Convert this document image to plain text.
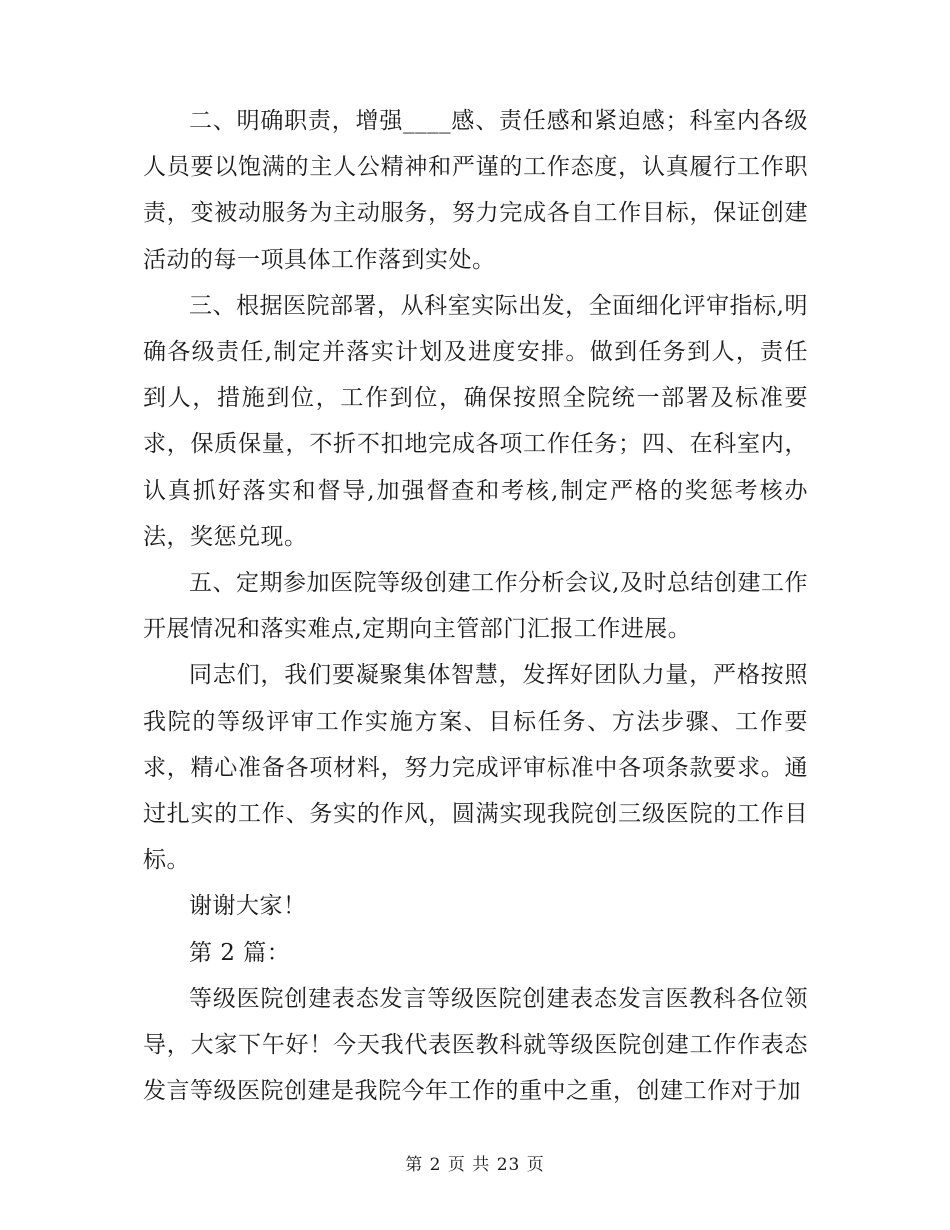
二、明确职责，增强____感、责任感和紧迫感；科室内各级人员要以饱满的主人公精神和严谨的工作态度，认真履行工作职责，变被动服务为主动服务，努力完成各自工作目标，保证创建活动的每一项具体工作落到实处。

三、根据医院部署，从科室实际出发，全面细化评审指标,明确各级责任,制定并落实计划及进度安排。做到任务到人，责任到人，措施到位，工作到位，确保按照全院统一部署及标准要求，保质保量，不折不扣地完成各项工作任务；四、在科室内，认真抓好落实和督导,加强督查和考核,制定严格的奖惩考核办法，奖惩兑现。

五、定期参加医院等级创建工作分析会议,及时总结创建工作开展情况和落实难点,定期向主管部门汇报工作进展。

同志们，我们要凝聚集体智慧，发挥好团队力量，严格按照我院的等级评审工作实施方案、目标任务、方法步骤、工作要求，精心准备各项材料，努力完成评审标准中各项条款要求。通过扎实的工作、务实的作风，圆满实现我院创三级医院的工作目标。

谢谢大家！

第 2 篇：

等级医院创建表态发言等级医院创建表态发言医教科各位领导，大家下午好！今天我代表医教科就等级医院创建工作作表态发言等级医院创建是我院今年工作的重中之重，创建工作对于加

第 2 页 共 23 页
